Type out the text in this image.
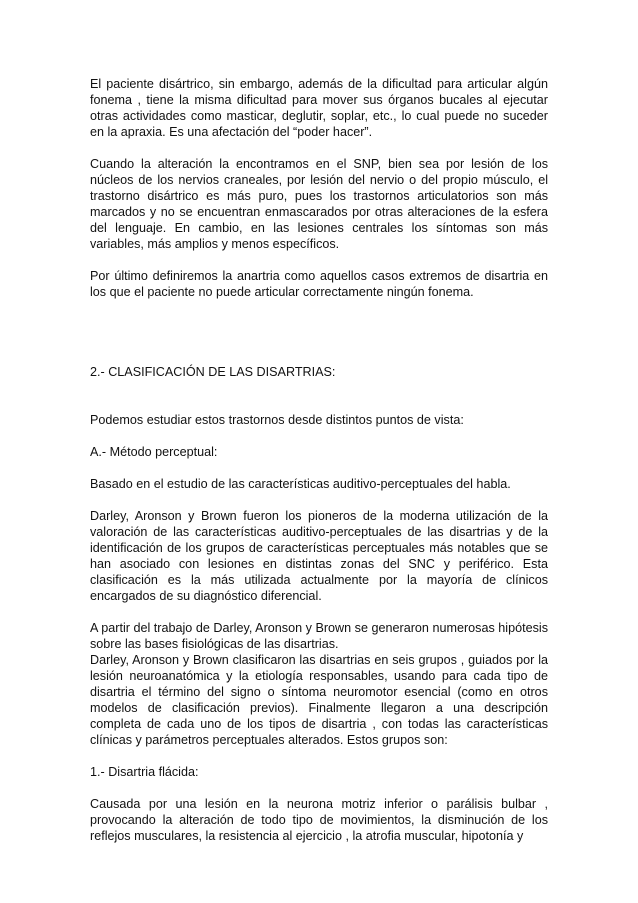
El paciente disártrico, sin embargo, además de la dificultad para articular algún fonema , tiene la misma dificultad para mover sus órganos bucales al ejecutar otras actividades como masticar, deglutir, soplar, etc., lo cual puede no suceder en la apraxia. Es una afectación del “poder hacer”.

Cuando la alteración la encontramos en el SNP, bien sea por lesión de los núcleos de los nervios craneales, por lesión del nervio o del propio músculo, el trastorno disártrico es más puro, pues los trastornos articulatorios son más marcados y no se encuentran enmascarados por otras alteraciones de la esfera del lenguaje. En cambio, en las lesiones centrales los síntomas son más variables, más amplios y menos específicos.

Por último definiremos la anartria como aquellos casos extremos de disartria en los que el paciente no puede articular correctamente ningún fonema.

2.- CLASIFICACIÓN DE LAS DISARTRIAS:

Podemos estudiar estos trastornos desde distintos puntos de vista:

A.- Método perceptual:

Basado en el estudio de las características auditivo-perceptuales del habla.

Darley, Aronson y Brown fueron los pioneros de la moderna utilización de la valoración de las características auditivo-perceptuales de las disartrias y de la identificación de los grupos de características perceptuales más notables que se han asociado con lesiones en distintas zonas del SNC y periférico. Esta clasificación es la más utilizada actualmente por la mayoría de clínicos encargados de su diagnóstico diferencial.

A partir del trabajo de Darley, Aronson y Brown se generaron numerosas hipótesis sobre las bases fisiológicas de las disartrias.

Darley, Aronson y Brown clasificaron las disartrias en seis grupos , guiados por la lesión neuroanatómica y la etiología responsables, usando para cada tipo de disartria el término del signo o síntoma neuromotor esencial (como en otros modelos de clasificación previos). Finalmente llegaron a una descripción completa de cada uno de los tipos de disartria , con todas las características clínicas y parámetros perceptuales alterados. Estos grupos son:

1.- Disartria flácida:

Causada por una lesión en la neurona motriz inferior o parálisis bulbar , provocando la alteración de todo tipo de movimientos, la disminución de los reflejos musculares, la resistencia al ejercicio , la atrofia muscular, hipotonía y
